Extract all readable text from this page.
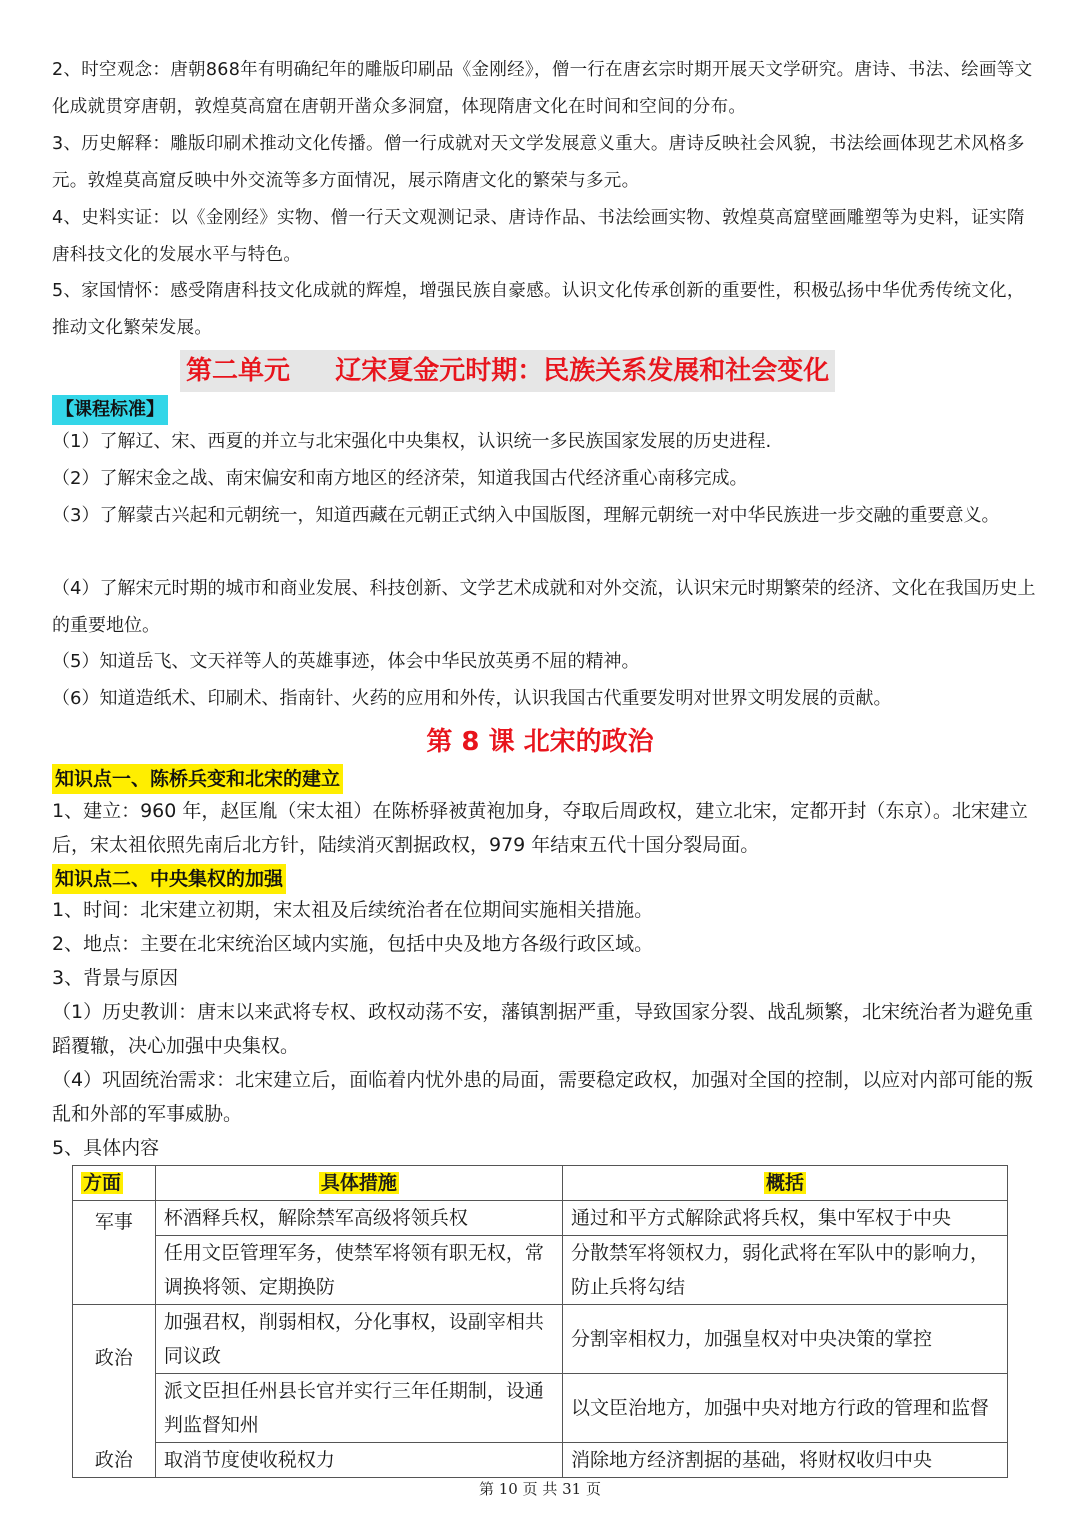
2、时空观念：唐朝868年有明确纪年的雕版印刷品《金刚经》，僧一行在唐玄宗时期开展天文学研究。唐诗、书法、绘画等文化成就贯穿唐朝，敦煌莫高窟在唐朝开凿众多洞窟，体现隋唐文化在时间和空间的分布。

3、历史解释：雕版印刷术推动文化传播。僧一行成就对天文学发展意义重大。唐诗反映社会风貌，书法绘画体现艺术风格多元。敦煌莫高窟反映中外交流等多方面情况，展示隋唐文化的繁荣与多元。

4、史料实证：以《金刚经》实物、僧一行天文观测记录、唐诗作品、书法绘画实物、敦煌莫高窟壁画雕塑等为史料，证实隋唐科技文化的发展水平与特色。

5、家国情怀：感受隋唐科技文化成就的辉煌，增强民族自豪感。认识文化传承创新的重要性，积极弘扬中华优秀传统文化，推动文化繁荣发展。

第二单元     辽宋夏金元时期：民族关系发展和社会变化
【课程标准】

（1）了解辽、宋、西夏的并立与北宋强化中央集权，认识统一多民族国家发展的历史进程.

（2）了解宋金之战、南宋偏安和南方地区的经济荣，知道我国古代经济重心南移完成。

（3）了解蒙古兴起和元朝统一，知道西藏在元朝正式纳入中国版图，理解元朝统一对中华民族进一步交融的重要意义。

（4）了解宋元时期的城市和商业发展、科技创新、文学艺术成就和对外交流，认识宋元时期繁荣的经济、文化在我国历史上的重要地位。

（5）知道岳飞、文天祥等人的英雄事迹，体会中华民放英勇不屈的精神。

（6）知道造纸术、印刷术、指南针、火药的应用和外传，认识我国古代重要发明对世界文明发展的贡献。

第 8 课 北宋的政治
知识点一、陈桥兵变和北宋的建立

1、建立：960 年，赵匡胤（宋太祖）在陈桥驿被黄袍加身，夺取后周政权，建立北宋，定都开封（东京）。北宋建立后，宋太祖依照先南后北方针，陆续消灭割据政权，979 年结束五代十国分裂局面。

知识点二、中央集权的加强

1、时间：北宋建立初期，宋太祖及后续统治者在位期间实施相关措施。

2、地点：主要在北宋统治区域内实施，包括中央及地方各级行政区域。

3、背景与原因

（1）历史教训：唐末以来武将专权、政权动荡不安，藩镇割据严重，导致国家分裂、战乱频繁，北宋统治者为避免重蹈覆辙，决心加强中央集权。

（4）巩固统治需求：北宋建立后，面临着内忧外患的局面，需要稳定政权，加强对全国的控制，以应对内部可能的叛乱和外部的军事威胁。

5、具体内容

方面	具体措施	概括
军事	杯酒释兵权，解除禁军高级将领兵权	通过和平方式解除武将兵权，集中军权于中央
	任用文臣管理军务，使禁军将领有职无权，常调换将领、定期换防	分散禁军将领权力，弱化武将在军队中的影响力，防止兵将勾结
政治	加强君权，削弱相权，分化事权，设副宰相共同议政	分割宰相权力，加强皇权对中央决策的掌控
	派文臣担任州县长官并实行三年任期制，设通判监督知州	以文臣治地方，加强中央对地方行政的管理和监督
政治	取消节度使收税权力	消除地方经济割据的基础，将财权收归中央
第 10 页 共 31 页
